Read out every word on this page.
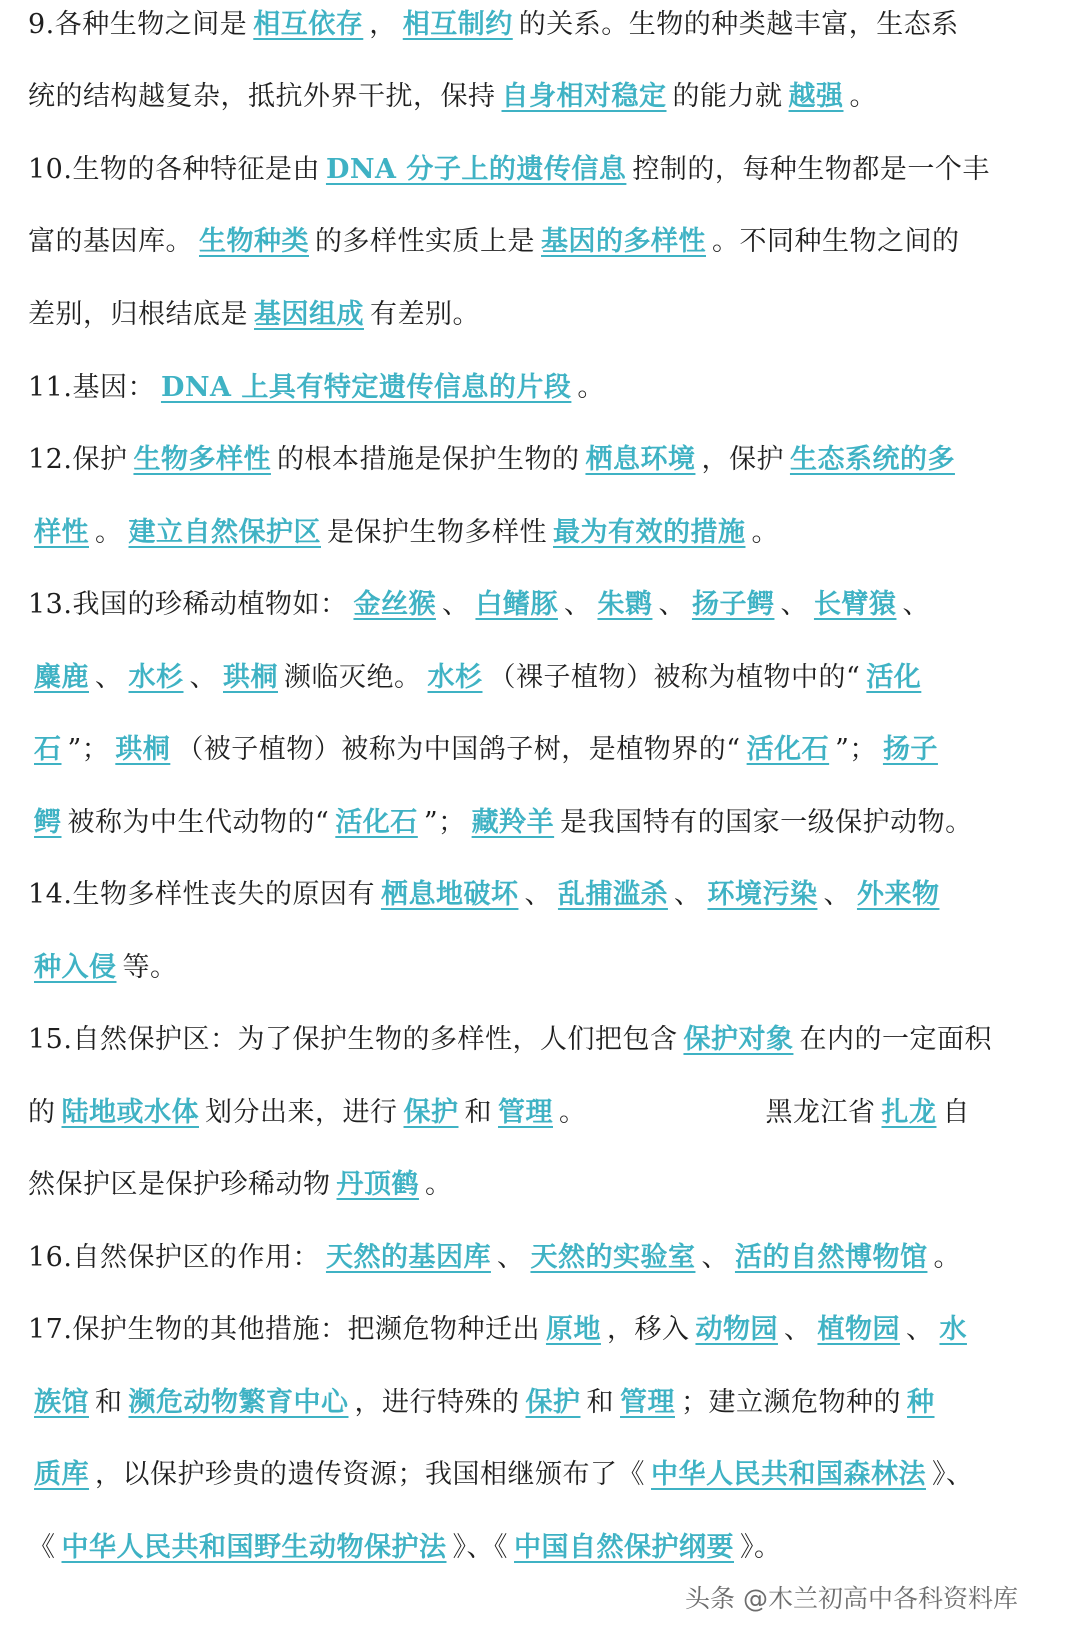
9.各种生物之间是 相互依存 ， 相互制约 的关系。生物的种类越丰富，生态系
统的结构越复杂，抵抗外界干扰，保持 自身相对稳定 的能力就 越强 。
10.生物的各种特征是由 DNA 分子上的遗传信息 控制的，每种生物都是一个丰
富的基因库。 生物种类 的多样性实质上是 基因的多样性 。不同种生物之间的
差别，归根结底是 基因组成 有差别。
11.基因： DNA 上具有特定遗传信息的片段 。
12.保护 生物多样性 的根本措施是保护生物的 栖息环境 ，保护 生态系统的多
样性 。 建立自然保护区 是保护生物多样性 最为有效的措施 。
13.我国的珍稀动植物如： 金丝猴 、 白鳍豚 、 朱鹮 、 扬子鳄 、 长臂猿 、
麋鹿 、 水杉 、 珙桐 濒临灭绝。 水杉 （裸子植物）被称为植物中的“ 活化
石 ”； 珙桐 （被子植物）被称为中国鸽子树，是植物界的“ 活化石 ”； 扬子
鳄 被称为中生代动物的“ 活化石 ”； 藏羚羊 是我国特有的国家一级保护动物。
14.生物多样性丧失的原因有 栖息地破坏 、 乱捕滥杀 、 环境污染 、 外来物
种入侵 等。
15.自然保护区：为了保护生物的多样性，人们把包含 保护对象 在内的一定面积
的 陆地或水体 划分出来，进行 保护 和 管理 。　　　　　　　黑龙江省 扎龙 自
然保护区是保护珍稀动物 丹顶鹤 。
16.自然保护区的作用： 天然的基因库 、 天然的实验室 、 活的自然博物馆 。
17.保护生物的其他措施：把濒危物种迁出 原地 ，移入 动物园 、 植物园 、 水
族馆 和 濒危动物繁育中心 ，进行特殊的 保护 和 管理 ；建立濒危物种的 种
质库 ，以保护珍贵的遗传资源；我国相继颁布了《 中华人民共和国森林法 》、
《 中华人民共和国野生动物保护法 》、《 中国自然保护纲要 》。
头条 @木兰初高中各科资料库
